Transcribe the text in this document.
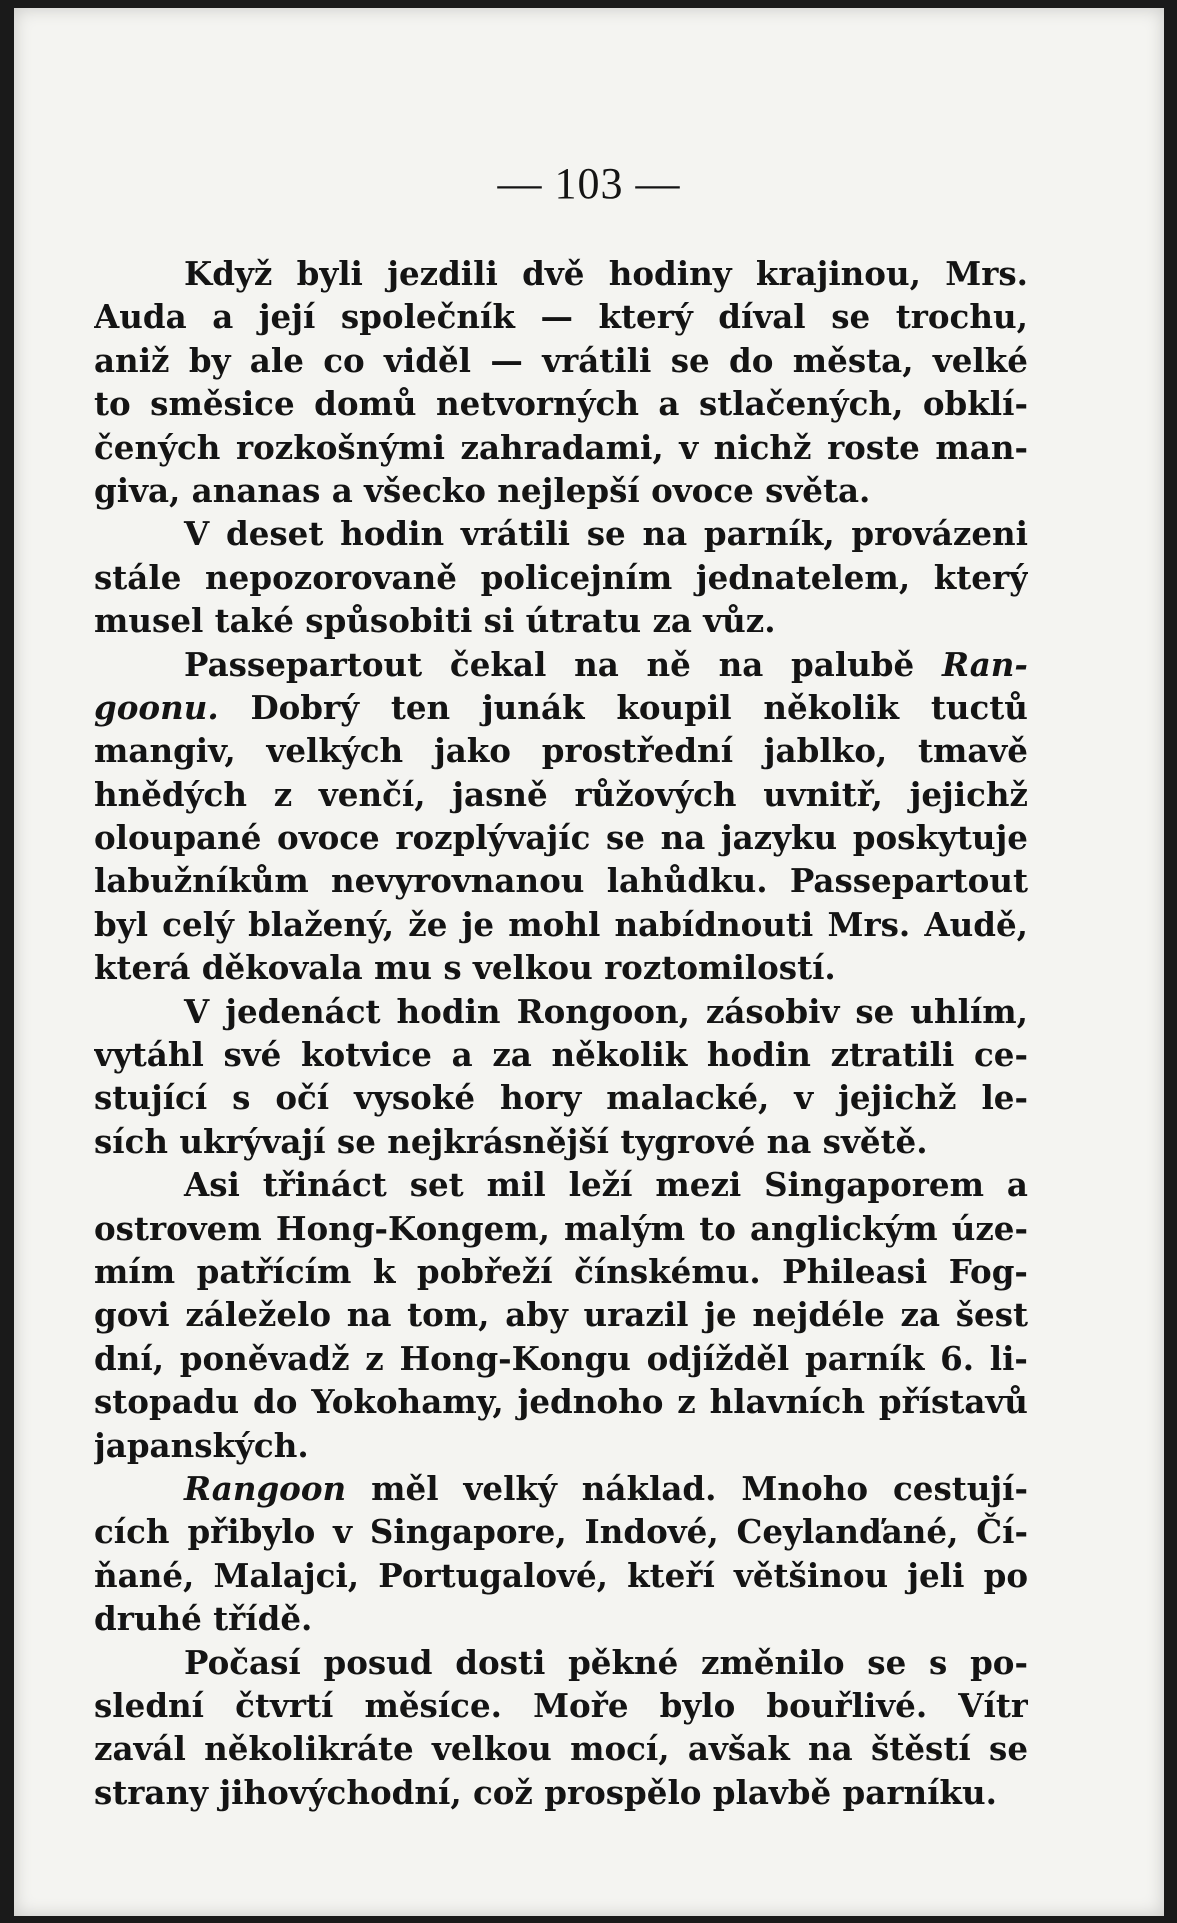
— 103 —
Když byli jezdili dvě hodiny krajinou, Mrs.
Auda a její společník — který díval se trochu,
aniž by ale co viděl — vrátili se do města, velké
to směsice domů netvorných a stlačených, obklí-
čených rozkošnými zahradami, v nichž roste man-
giva, ananas a všecko nejlepší ovoce světa.
V deset hodin vrátili se na parník, provázeni
stále nepozorovaně policejním jednatelem, který
musel také spůsobiti si útratu za vůz.
Passepartout čekal na ně na palubě Ran-
goonu. Dobrý ten junák koupil několik tuctů
mangiv, velkých jako prostřední jablko, tmavě
hnědých z venčí, jasně růžových uvnitř, jejichž
oloupané ovoce rozplývajíc se na jazyku poskytuje
labužníkům nevyrovnanou lahůdku. Passepartout
byl celý blažený, že je mohl nabídnouti Mrs. Audě,
která děkovala mu s velkou roztomilostí.
V jedenáct hodin Rongoon, zásobiv se uhlím,
vytáhl své kotvice a za několik hodin ztratili ce-
stující s očí vysoké hory malacké, v jejichž le-
sích ukrývají se nejkrásnější tygrové na světě.
Asi třináct set mil leží mezi Singaporem a
ostrovem Hong-Kongem, malým to anglickým úze-
mím patřícím k pobřeží čínskému. Phileasi Fog-
govi záleželo na tom, aby urazil je nejdéle za šest
dní, poněvadž z Hong-Kongu odjížděl parník 6. li-
stopadu do Yokohamy, jednoho z hlavních přístavů
japanských.
Rangoon měl velký náklad. Mnoho cestují-
cích přibylo v Singapore, Indové, Ceylanďané, Čí-
ňané, Malajci, Portugalové, kteří většinou jeli po
druhé třídě.
Počasí posud dosti pěkné změnilo se s po-
slední čtvrtí měsíce. Moře bylo bouřlivé. Vítr
zavál několikráte velkou mocí, avšak na štěstí se
strany jihovýchodní, což prospělo plavbě parníku.
